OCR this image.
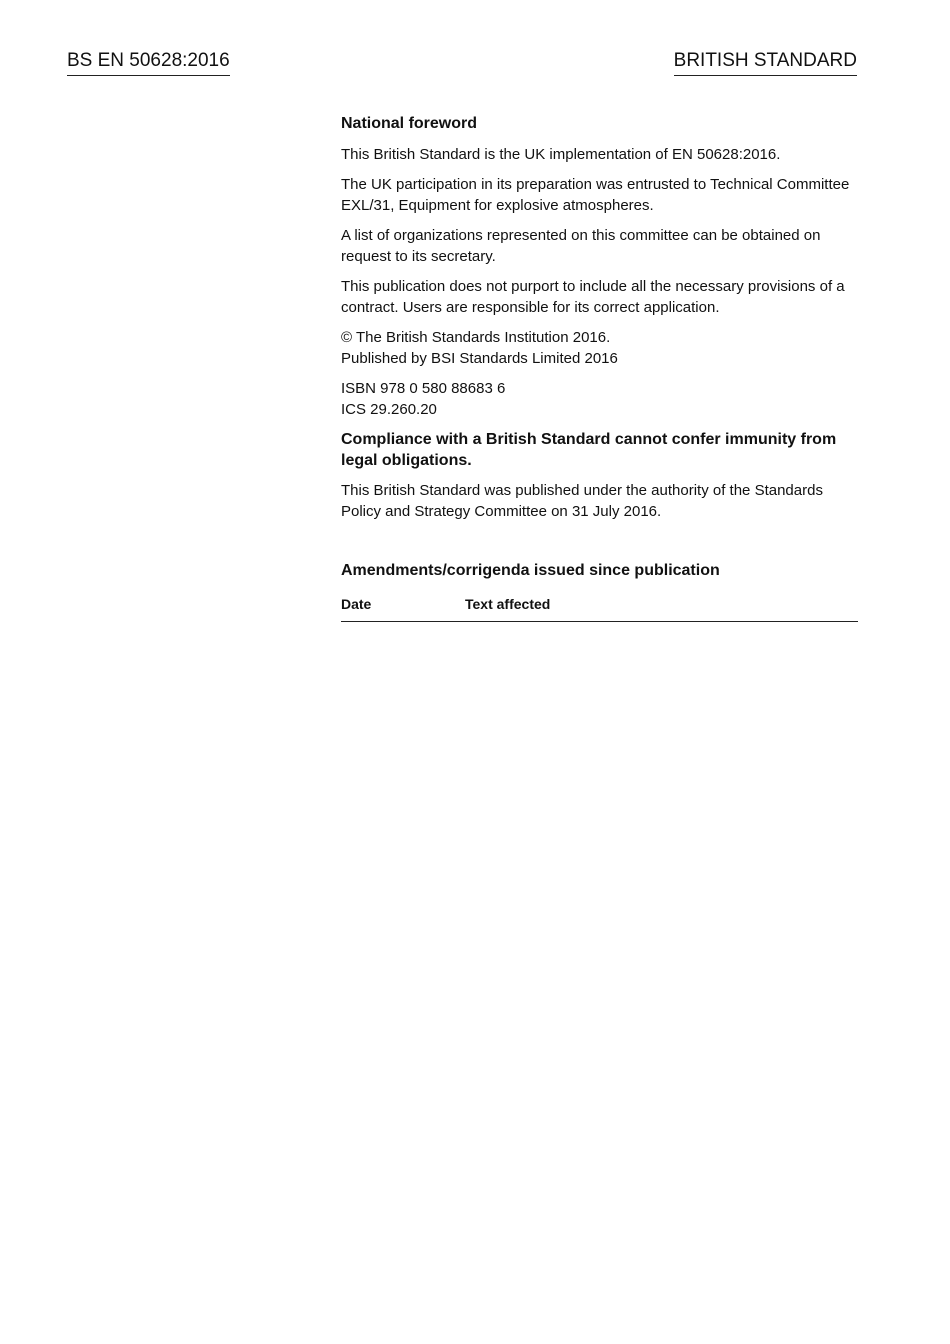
BS EN 50628:2016	BRITISH STANDARD
National foreword

This British Standard is the UK implementation of EN 50628:2016.

The UK participation in its preparation was entrusted to Technical Committee EXL/31, Equipment for explosive atmospheres.

A list of organizations represented on this committee can be obtained on request to its secretary.

This publication does not purport to include all the necessary provisions of a contract. Users are responsible for its correct application.

© The British Standards Institution 2016.
Published by BSI Standards Limited 2016

ISBN 978 0 580 88683 6
ICS 29.260.20

Compliance with a British Standard cannot confer immunity from legal obligations.

This British Standard was published under the authority of the Standards Policy and Strategy Committee on 31 July 2016.

Amendments/corrigenda issued since publication
Date	Text affected
